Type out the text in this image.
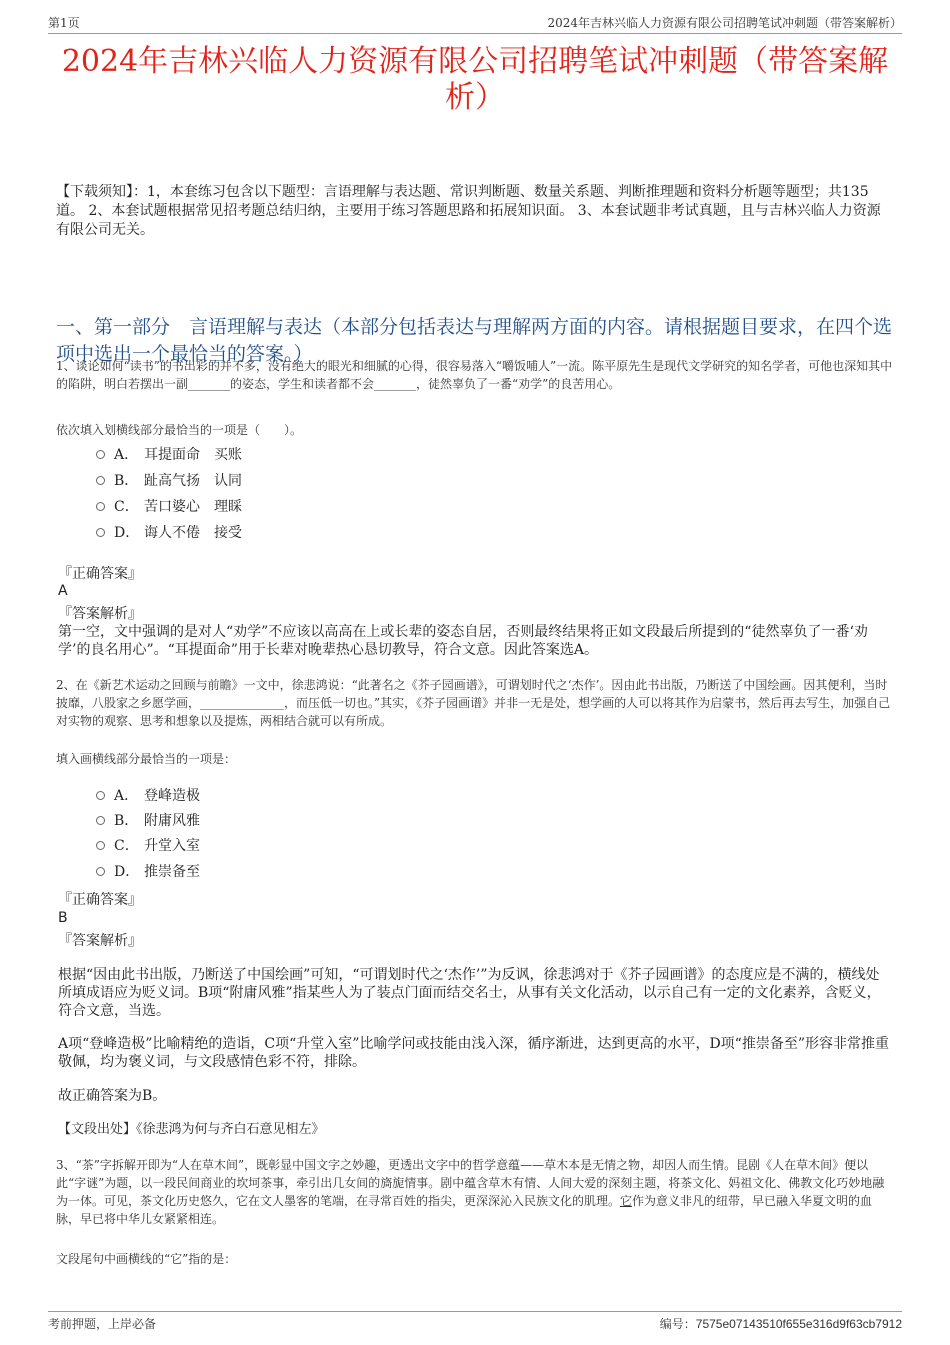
第1页	2024年吉林兴临人力资源有限公司招聘笔试冲刺题（带答案解析）
2024年吉林兴临人力资源有限公司招聘笔试冲刺题（带答案解析）
【下载须知】：1，本套练习包含以下题型：言语理解与表达题、常识判断题、数量关系题、判断推理题和资料分析题等题型；共135道。 2、本套试题根据常见招考题总结归纳，主要用于练习答题思路和拓展知识面。 3、本套试题非考试真题，且与吉林兴临人力资源有限公司无关。
一、第一部分　言语理解与表达（本部分包括表达与理解两方面的内容。请根据题目要求，在四个选项中选出一个最恰当的答案。）
1、谈论如何“读书”的书出彩的并不多，没有绝大的眼光和细腻的心得，很容易落入“嚼饭哺人”一流。陈平原先生是现代文学研究的知名学者，可他也深知其中的陷阱，明白若摆出一副_______的姿态，学生和读者都不会_______，徒然辜负了一番“劝学”的良苦用心。
依次填入划横线部分最恰当的一项是（　　）。
A． 耳提面命　买账
B． 趾高气扬　认同
C． 苦口婆心　理睬
D． 诲人不倦　接受
『正确答案』
A
『答案解析』
第一空，文中强调的是对人“劝学”不应该以高高在上或长辈的姿态自居，否则最终结果将正如文段最后所提到的“徒然辜负了一番‘劝学’的良名用心”。“耳提面命”用于长辈对晚辈热心恳切教导，符合文意。因此答案选A。
2、在《新艺术运动之回顾与前瞻》一文中，徐悲鸿说：“此著名之《芥子园画谱》，可谓划时代之‘杰作’。因由此书出版，乃断送了中国绘画。因其便利，当时披靡，八股家之乡愿学画，______________，而压低一切也。”其实，《芥子园画谱》并非一无是处，想学画的人可以将其作为启蒙书，然后再去写生，加强自己对实物的观察、思考和想象以及提炼，两相结合就可以有所成。
填入画横线部分最恰当的一项是：
A． 登峰造极
B． 附庸风雅
C． 升堂入室
D． 推崇备至
『正确答案』
B
『答案解析』
根据“因由此书出版，乃断送了中国绘画”可知，“可谓划时代之‘杰作’”为反讽，徐悲鸿对于《芥子园画谱》的态度应是不满的，横线处所填成语应为贬义词。B项“附庸风雅”指某些人为了装点门面而结交名士，从事有关文化活动，以示自己有一定的文化素养，含贬义，符合文意，当选。
A项“登峰造极”比喻精绝的造诣，C项“升堂入室”比喻学问或技能由浅入深，循序渐进，达到更高的水平，D项“推崇备至”形容非常推重敬佩，均为褒义词，与文段感情色彩不符，排除。
故正确答案为B。
【文段出处】《徐悲鸿为何与齐白石意见相左》
3、“茶”字拆解开即为“人在草木间”，既彰显中国文字之妙趣，更透出文字中的哲学意蕴——草木本是无情之物，却因人而生情。昆剧《人在草木间》便以此“字谜”为题，以一段民间商业的坎坷茶事，牵引出几女间的旖旎情事。剧中蕴含草木有情、人间大爱的深刻主题，将茶文化、妈祖文化、佛教文化巧妙地融为一体。可见，茶文化历史悠久，它在文人墨客的笔端，在寻常百姓的指尖，更深深沁入民族文化的肌理。它作为意义非凡的纽带，早已融入华夏文明的血脉，早已将中华儿女紧紧相连。
文段尾句中画横线的“它”指的是：
考前押题，上岸必备	编号：7575e07143510f655e316d9f63cb7912
